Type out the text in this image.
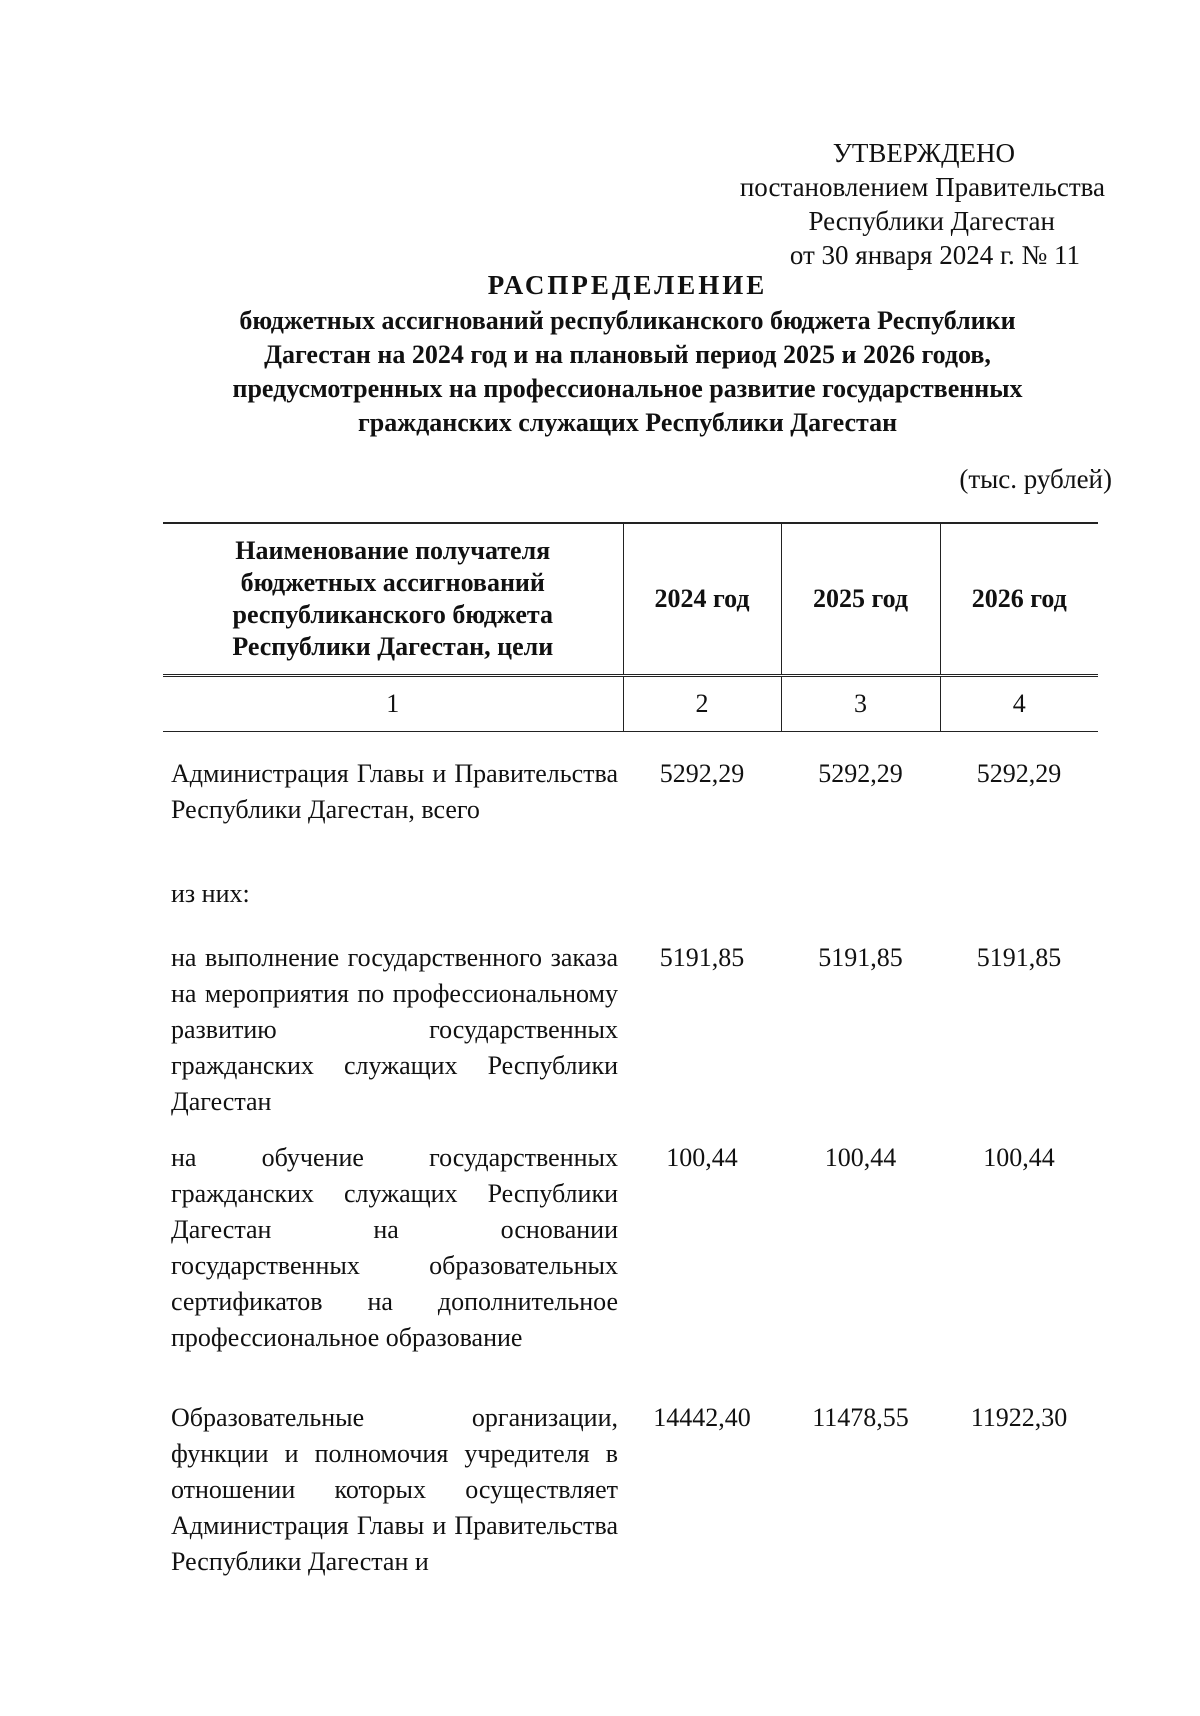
УТВЕРЖДЕНО
постановлением Правительства
Республики Дагестан
от 30 января 2024 г. № 11
РАСПРЕДЕЛЕНИЕ
бюджетных ассигнований республиканского бюджета Республики
Дагестан на 2024 год и на плановый период 2025 и 2026 годов,
предусмотренных на профессиональное развитие государственных
гражданских служащих Республики Дагестан
(тыс. рублей)
Наименование получателя бюджетных ассигнований республиканского бюджета Республики Дагестан, цели	2024 год	2025 год	2026 год
1	2	3	4

Администрация Главы и Правительства Республики Дагестан, всего	5292,29	5292,29	5292,29

из них:			

на выполнение государственного заказа на мероприятия по профессиональному развитию государственных гражданских служащих Республики Дагестан	5191,85	5191,85	5191,85

на обучение государственных гражданских служащих Республики Дагестан на основании государственных образовательных сертификатов на дополнительное профессиональное образование	100,44	100,44	100,44

Образовательные организации, функции и полномочия учредителя в отношении которых осуществляет Администрация Главы и Правительства Республики Дагестан и	14442,40	11478,55	11922,30
